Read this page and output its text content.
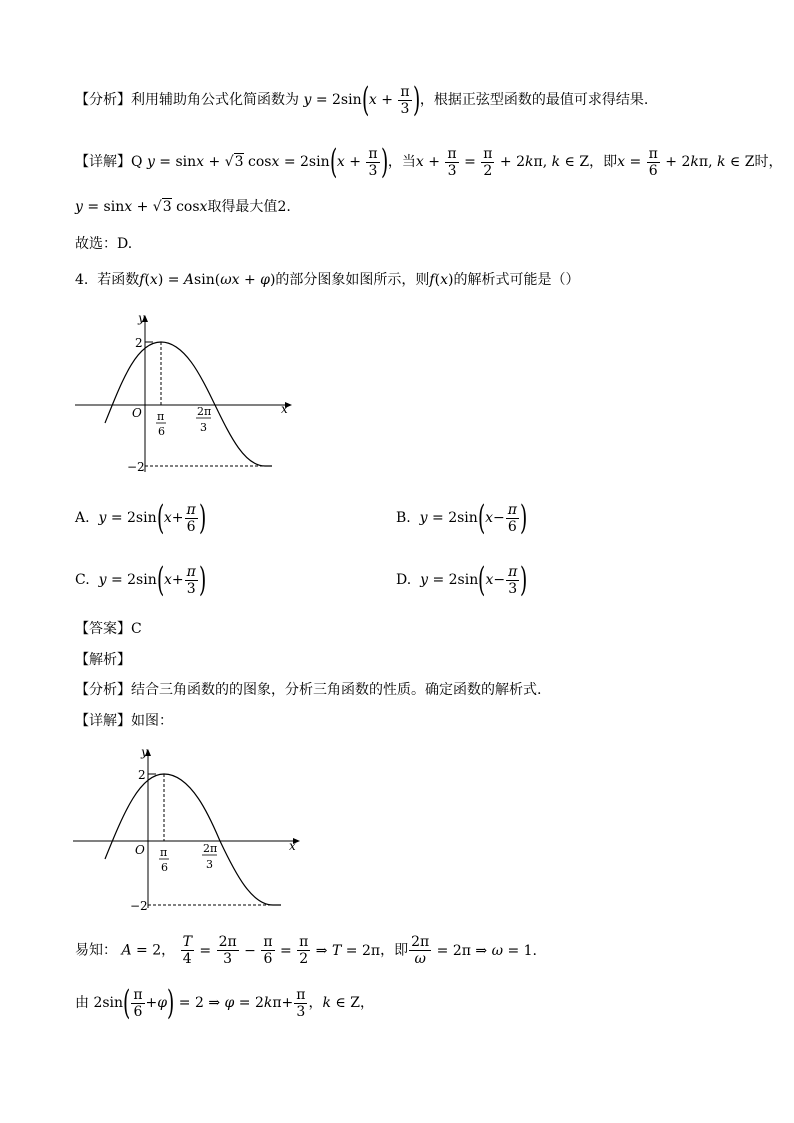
【分析】利用辅助角公式化简函数为 $y = 2\sin(x + \frac{\pi}{3}$ )，根据正弦型函数的最值可求得结果.
【详解】Q y = sinx + √3 $\cos x = 2\sin(x + \frac{\pi}{3}$ )，当$x + \frac{\pi}{3} = \frac{\pi}{2} + 2k\pi$, k ∈ Z，即$x = \frac{\pi}{6} + 2k\pi$, k ∈ Z时，
y = sinx + √3 cosx取得最大值2.
故选：D.
4. 若函数f(x) = Asin(ωx + φ)的部分图象如图所示，则f(x)的解析式可能是（）
y
x
O
2
−2
π
6
2π
3
A. $y = 2\sin(x+ \frac{\pi}{6}$ )	B. $y = 2\sin(x- \frac{\pi}{6}$ )
C. $y = 2\sin(x+ \frac{\pi}{3}$ )	D. $y = 2\sin(x- \frac{\pi}{3}$ )
【答案】C
【解析】
【分析】结合三角函数的的图象，分析三角函数的性质。确定函数的解析式.
【详解】如图：
y
x
O
2
−2
π
6
2π
3
易知： A = 2， $\frac{T}{4} = \frac{2\pi}{3} - \frac{\pi}{6} = \frac{\pi}{2}$ ⇒ T = 2π，即 $\frac{2\pi}{\omega} = 2\pi$ ⇒ ω = 1.
由 $2\sin( \frac{\pi}{6} +\varphi) = 2$ ⇒ $\varphi = 2k\pi+ \frac{\pi}{3}$ ，k ∈ Z，
